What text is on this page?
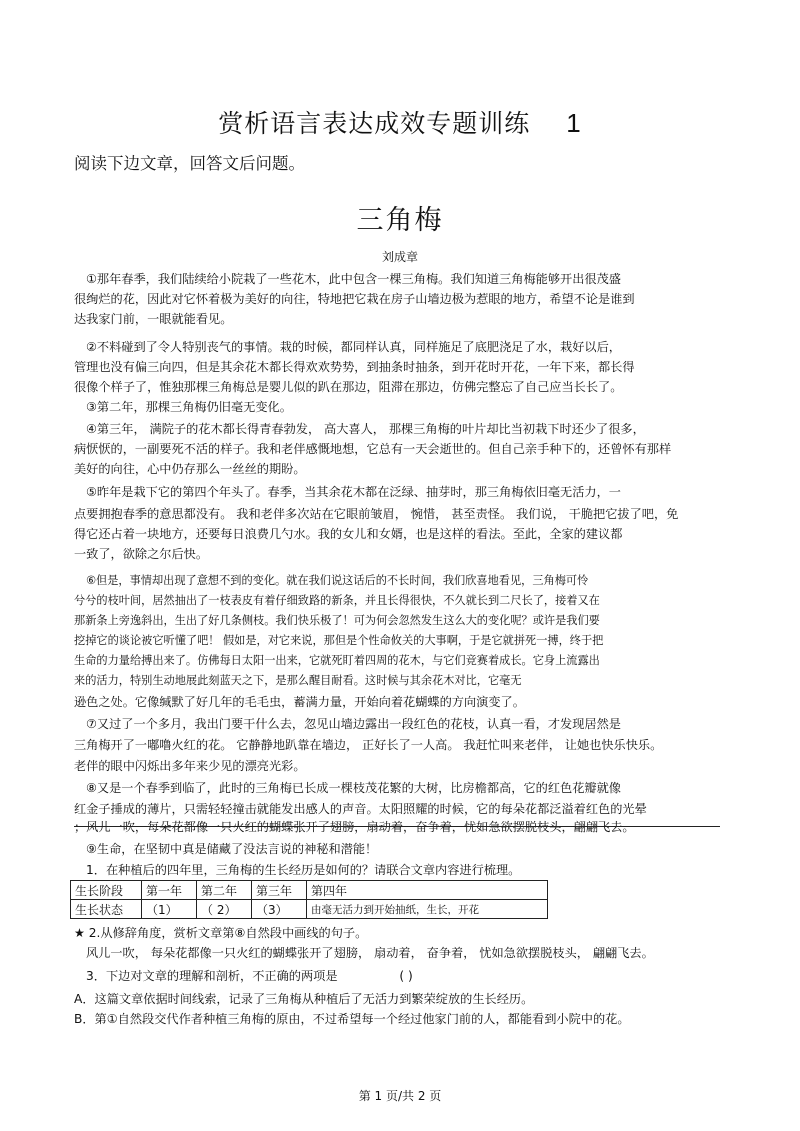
赏析语言表达成效专题训练 1
阅读下边文章，回答文后问题。
三角梅
刘成章
①那年春季，我们陆续给小院栽了一些花木，此中包含一棵三角梅。我们知道三角梅能够开出很茂盛
很绚烂的花，因此对它怀着极为美好的向往，特地把它栽在房子山墙边极为惹眼的地方，希望不论是谁到
达我家门前，一眼就能看见。
②不料碰到了令人特别丧气的事情。栽的时候，都同样认真，同样施足了底肥浇足了水，栽好以后，
管理也没有偏三向四，但是其余花木都长得欢欢势势，到抽条时抽条，到开花时开花，一年下来，都长得
很像个样子了，惟独那棵三角梅总是婴儿似的趴在那边，阻滞在那边，仿佛完整忘了自己应当长长了。
③第二年，那棵三角梅仍旧毫无变化。
④第三年， 满院子的花木都长得青春勃发， 高大喜人， 那棵三角梅的叶片却比当初栽下时还少了很多，
病恹恹的，一副要死不活的样子。我和老伴感慨地想，它总有一天会逝世的。但自己亲手种下的，还曾怀有那样
美好的向往，心中仍存那么一丝丝的期盼。
⑤昨年是栽下它的第四个年头了。春季，当其余花木都在泛绿、抽芽时，那三角梅依旧毫无活力，一
点要拥抱春季的意思都没有。 我和老伴多次站在它眼前皱眉， 惋惜， 甚至责怪。 我们说， 干脆把它拔了吧，免
得它还占着一块地方，还要每日浪费几勺水。我的女儿和女婿，也是这样的看法。至此，全家的建议都
一致了，欲除之尔后快。
⑥但是，事情却出现了意想不到的变化。就在我们说这话后的不长时间，我们欣喜地看见，三角梅可怜
兮兮的枝叶间，居然抽出了一枝表皮有着仔细致路的新条，并且长得很快，不久就长到二尺长了，接着又在
那新条上旁逸斜出，生出了好几条侧枝。我们快乐极了！可为何会忽然发生这么大的变化呢？或许是我们要
挖掉它的谈论被它听懂了吧！ 假如是，对它来说，那但是个性命攸关的大事啊，于是它就拼死一搏，终于把
生命的力量给搏出来了。仿佛每日太阳一出来，它就死盯着四周的花木，与它们竞赛着成长。它身上流露出
来的活力，特别生动地展此刻蓝天之下，是那么醒目耐看。这时候与其余花木对比，它毫无
逊色之处。它像缄默了好几年的毛毛虫，蓄满力量，开始向着花蝴蝶的方向演变了。
⑦又过了一个多月，我出门要干什么去，忽见山墙边露出一段红色的花枝，认真一看，才发现居然是
三角梅开了一嘟噜火红的花。 它静静地趴靠在墙边， 正好长了一人高。 我赶忙叫来老伴， 让她也快乐快乐。
老伴的眼中闪烁出多年来少见的漂亮光彩。
⑧又是一个春季到临了，此时的三角梅已长成一棵枝茂花繁的大树，比房檐都高，它的红色花瓣就像
红金子捶成的薄片，只需轻轻撞击就能发出感人的声音。太阳照耀的时候，它的每朵花都泛溢着红色的光晕
；风儿一吹，每朵花都像一只火红的蝴蝶张开了翅膀，扇动着，奋争着，忧如急欲摆脱枝头，翩翩飞去。
⑨生命，在坚韧中真是储藏了没法言说的神秘和潜能！
1．在种植后的四年里，三角梅的生长经历是如何的？请联合文章内容进行梳理。
生长阶段	第一年	第二年	第三年	第四年
生长状态	（1）	（ 2）	（3）	由毫无活力到开始抽纸，生长，开花
★ 2.从修辞角度，赏析文章第⑧自然段中画线的句子。
风儿一吹， 每朵花都像一只火红的蝴蝶张开了翅膀， 扇动着， 奋争着， 忧如急欲摆脱枝头， 翩翩飞去。
3．下边对文章的理解和剖析，不正确的两项是	( )
A．这篇文章依据时间线索，记录了三角梅从种植后了无活力到繁荣绽放的生长经历。
B．第①自然段交代作者种植三角梅的原由，不过希望每一个经过他家门前的人，都能看到小院中的花。
第 1 页/共 2 页
